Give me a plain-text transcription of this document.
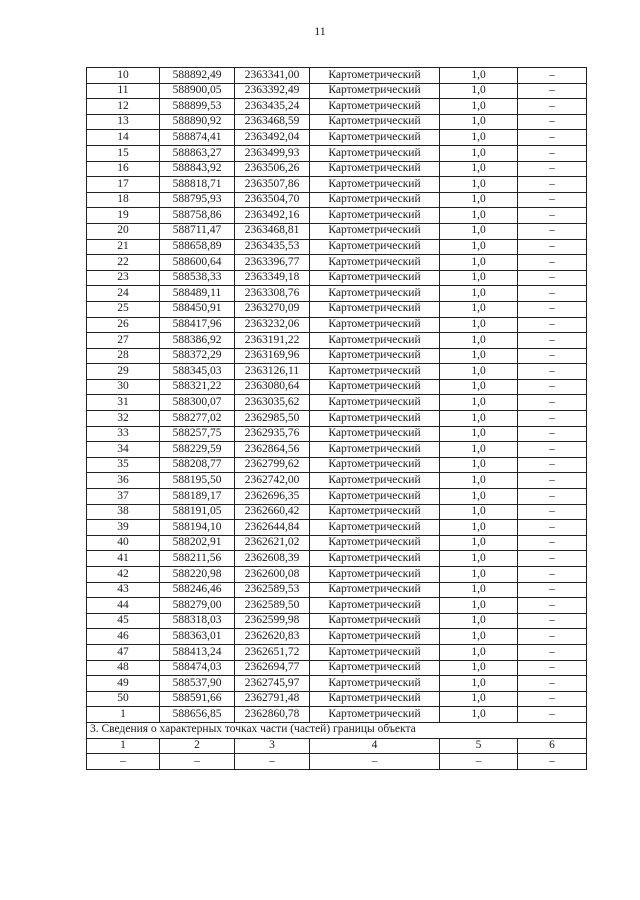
11
10	588892,49	2363341,00	Картометрический	1,0	–
11	588900,05	2363392,49	Картометрический	1,0	–
12	588899,53	2363435,24	Картометрический	1,0	–
13	588890,92	2363468,59	Картометрический	1,0	–
14	588874,41	2363492,04	Картометрический	1,0	–
15	588863,27	2363499,93	Картометрический	1,0	–
16	588843,92	2363506,26	Картометрический	1,0	–
17	588818,71	2363507,86	Картометрический	1,0	–
18	588795,93	2363504,70	Картометрический	1,0	–
19	588758,86	2363492,16	Картометрический	1,0	–
20	588711,47	2363468,81	Картометрический	1,0	–
21	588658,89	2363435,53	Картометрический	1,0	–
22	588600,64	2363396,77	Картометрический	1,0	–
23	588538,33	2363349,18	Картометрический	1,0	–
24	588489,11	2363308,76	Картометрический	1,0	–
25	588450,91	2363270,09	Картометрический	1,0	–
26	588417,96	2363232,06	Картометрический	1,0	–
27	588386,92	2363191,22	Картометрический	1,0	–
28	588372,29	2363169,96	Картометрический	1,0	–
29	588345,03	2363126,11	Картометрический	1,0	–
30	588321,22	2363080,64	Картометрический	1,0	–
31	588300,07	2363035,62	Картометрический	1,0	–
32	588277,02	2362985,50	Картометрический	1,0	–
33	588257,75	2362935,76	Картометрический	1,0	–
34	588229,59	2362864,56	Картометрический	1,0	–
35	588208,77	2362799,62	Картометрический	1,0	–
36	588195,50	2362742,00	Картометрический	1,0	–
37	588189,17	2362696,35	Картометрический	1,0	–
38	588191,05	2362660,42	Картометрический	1,0	–
39	588194,10	2362644,84	Картометрический	1,0	–
40	588202,91	2362621,02	Картометрический	1,0	–
41	588211,56	2362608,39	Картометрический	1,0	–
42	588220,98	2362600,08	Картометрический	1,0	–
43	588246,46	2362589,53	Картометрический	1,0	–
44	588279,00	2362589,50	Картометрический	1,0	–
45	588318,03	2362599,98	Картометрический	1,0	–
46	588363,01	2362620,83	Картометрический	1,0	–
47	588413,24	2362651,72	Картометрический	1,0	–
48	588474,03	2362694,77	Картометрический	1,0	–
49	588537,90	2362745,97	Картометрический	1,0	–
50	588591,66	2362791,48	Картометрический	1,0	–
1	588656,85	2362860,78	Картометрический	1,0	–
3. Сведения о характерных точках части (частей) границы объекта					
1	2	3	4	5	6
–	–	–	–	–	–
